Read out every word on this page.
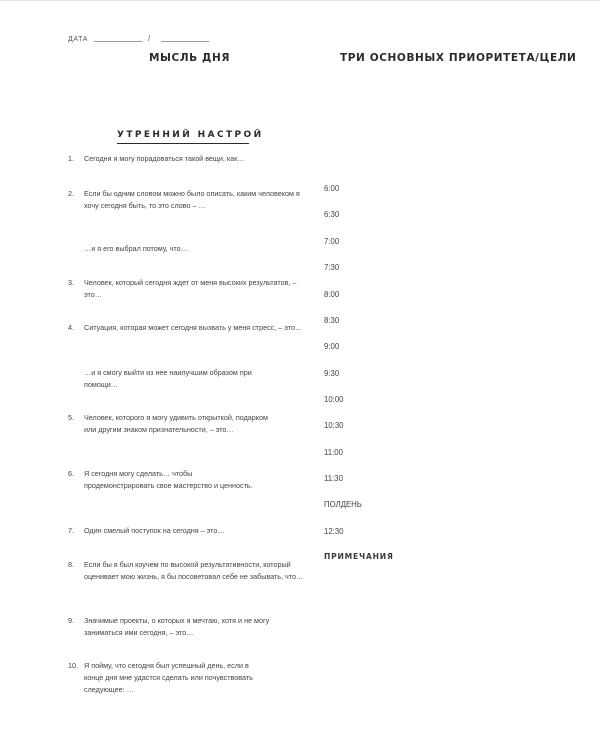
ДАТА	/
МЫСЛЬ ДНЯ	ТРИ ОСНОВНЫХ ПРИОРИТЕТА/ЦЕЛИ
УТРЕННИЙ НАСТРОЙ
1.	Сегодня я могу порадоваться такой вещи, как…
2.	Если бы одним словом можно было описать, каким человеком я хочу сегодня быть, то это слово – …
…и я его выбрал потому, что…
3.	Человек, который сегодня ждет от меня высоких результатов, – это…
4.	Ситуация, которая может сегодня вызвать у меня стресс, – это…
…и я смогу выйти из нее наилучшим образом при помощи…
5.	Человек, которого я могу удивить открыткой, подарком или другим знаком признательности, – это…
6.	Я сегодня могу сделать… чтобы продемонстрировать свое мастерство и ценность.
7.	Один смелый поступок на сегодня – это…
8.	Если бы я был коучем по высокой результативности, который оценивает мою жизнь, я бы посоветовал себе не забывать, что…
9.	Значимые проекты, о которых я мечтаю, хотя и не могу заниматься ими сегодня, – это…
10. Я пойму, что сегодня был успешный день, если в конце дня мне удастся сделать или почувствовать следующее: …
6:00
6:30
7:00
7:30
8:00
8:30
9:00
9:30
10:00
10:30
11:00
11:30
ПОЛДЕНЬ
12:30
ПРИМЕЧАНИЯ
